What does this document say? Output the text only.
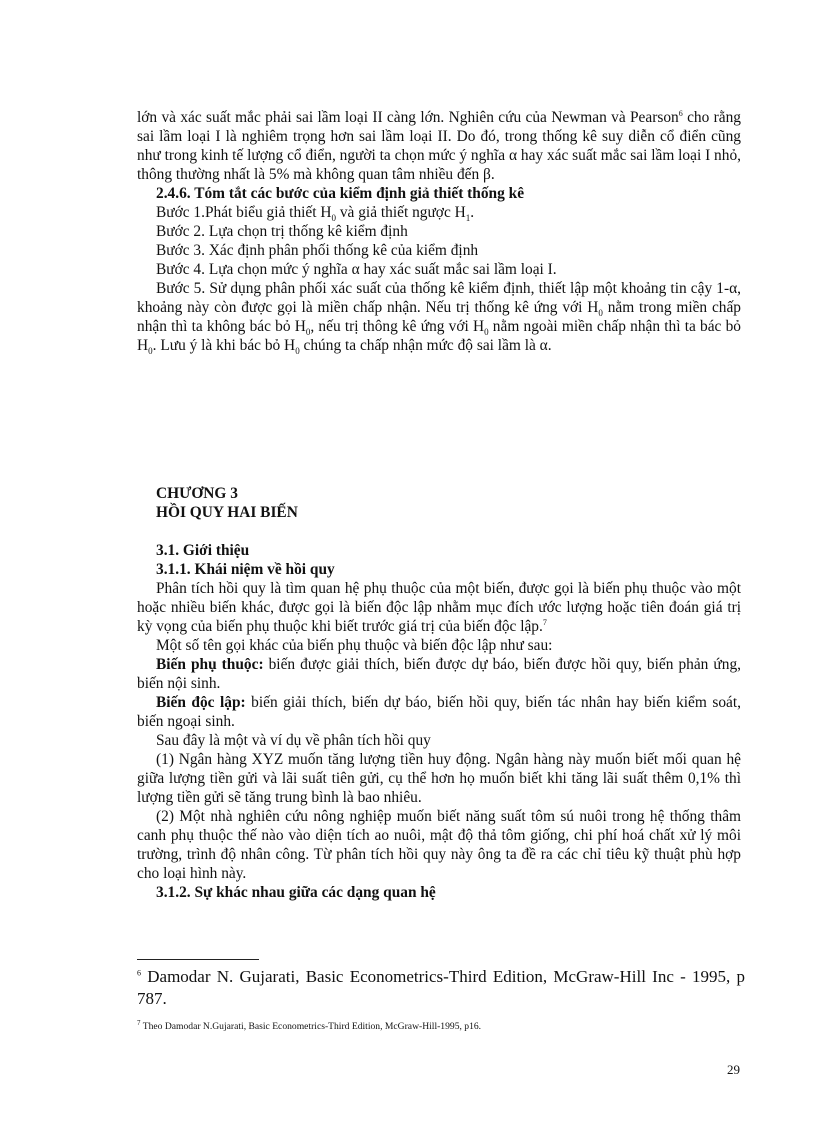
lớn và xác suất mắc phải sai lầm loại II càng lớn. Nghiên cứu của Newman và Pearson$^6$ cho rằng sai lầm loại I là nghiêm trọng hơn sai lầm loại II. Do đó, trong thống kê suy diễn cổ điển cũng như trong kinh tế lượng cổ điển, người ta chọn mức ý nghĩa α hay xác suất mắc sai lầm loại I nhỏ, thông thường nhất là 5% mà không quan tâm nhiều đến β.

2.4.6. Tóm tắt các bước của kiểm định giả thiết thống kê

Bước 1.Phát biểu giả thiết $H_0$ và giả thiết ngược $H_1$.

Bước 2. Lựa chọn trị thống kê kiểm định

Bước 3. Xác định phân phối thống kê của kiểm định

Bước 4. Lựa chọn mức ý nghĩa α hay xác suất mắc sai lầm loại I.

Bước 5. Sử dụng phân phối xác suất của thống kê kiểm định, thiết lập một khoảng tin cậy 1-α, khoảng này còn được gọi là miền chấp nhận. Nếu trị thống kê ứng với $H_0$ nằm trong miền chấp nhận thì ta không bác bỏ $H_0$, nếu trị thông kê ứng với $H_0$ nằm ngoài miền chấp nhận thì ta bác bỏ $H_0$. Lưu ý là khi bác bỏ $H_0$ chúng ta chấp nhận mức độ sai lầm là α.

CHƯƠNG 3
HỒI QUY HAI BIẾN

3.1. Giới thiệu

3.1.1. Khái niệm về hồi quy

Phân tích hồi quy là tìm quan hệ phụ thuộc của một biến, được gọi là biến phụ thuộc vào một hoặc nhiều biến khác, được gọi là biến độc lập nhằm mục đích ước lượng hoặc tiên đoán giá trị kỳ vọng của biến phụ thuộc khi biết trước giá trị của biến độc lập.$^7$

Một số tên gọi khác của biến phụ thuộc và biến độc lập như sau:

Biến phụ thuộc: biến được giải thích, biến được dự báo, biến được hồi quy, biến phản ứng, biến nội sinh.

Biến độc lập: biến giải thích, biến dự báo, biến hồi quy, biến tác nhân hay biến kiểm soát, biến ngoại sinh.

Sau đây là một và ví dụ về phân tích hồi quy

(1) Ngân hàng XYZ muốn tăng lượng tiền huy động. Ngân hàng này muốn biết mối quan hệ giữa lượng tiền gửi và lãi suất tiên gửi, cụ thể hơn họ muốn biết khi tăng lãi suất thêm 0,1% thì lượng tiền gửi sẽ tăng trung bình là bao nhiêu.

(2) Một nhà nghiên cứu nông nghiệp muốn biết năng suất tôm sú nuôi trong hệ thống thâm canh phụ thuộc thế nào vào diện tích ao nuôi, mật độ thả tôm giống, chi phí hoá chất xử lý môi trường, trình độ nhân công. Từ phân tích hồi quy này ông ta đề ra các chỉ tiêu kỹ thuật phù hợp cho loại hình này.

3.1.2. Sự khác nhau giữa các dạng quan hệ

$^6$ Damodar N. Gujarati, Basic Econometrics-Third Edition, McGraw-Hill Inc - 1995, p 787.

$^7$ Theo Damodar N.Gujarati, Basic Econometrics-Third Edition, McGraw-Hill-1995, p16.

29
